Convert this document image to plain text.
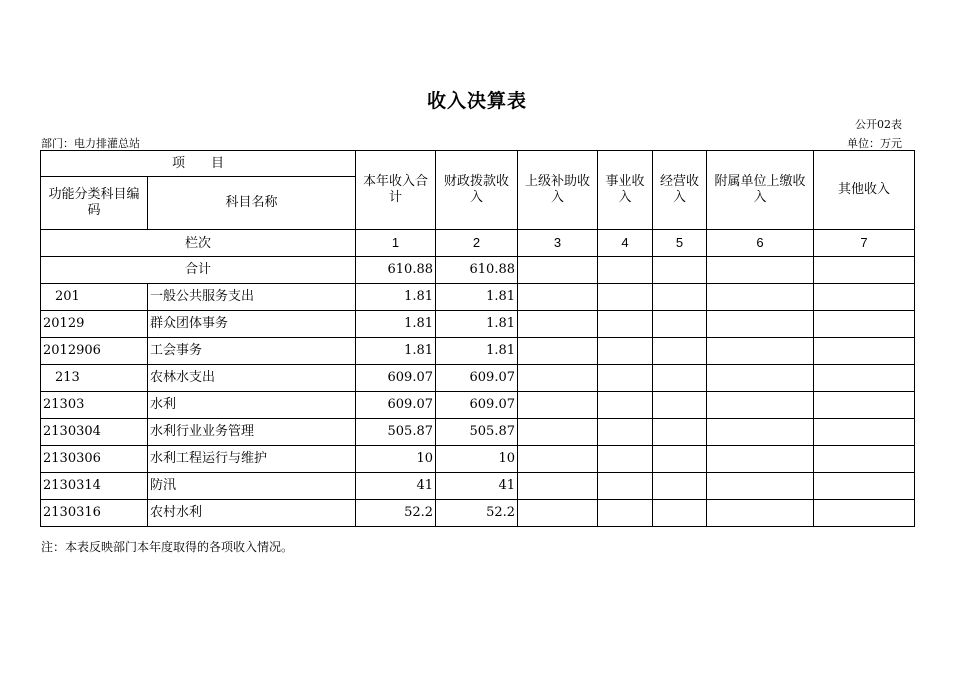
收入决算表
公开02表
部门：电力排灌总站	单位：万元
项　　目		本年收入合计	财政拨款收入	上级补助收入	事业收入	经营收入	附属单位上缴收入	其他收入
功能分类科目编码	科目名称							
栏次		1	2	3	4	5	6	7
合计		610.88	610.88					
201	一般公共服务支出	1.81	1.81					
20129	群众团体事务	1.81	1.81					
2012906	工会事务	1.81	1.81					
213	农林水支出	609.07	609.07					
21303	水利	609.07	609.07					
2130304	水利行业业务管理	505.87	505.87					
2130306	水利工程运行与维护	10	10					
2130314	防汛	41	41					
2130316	农村水利	52.2	52.2					
注：本表反映部门本年度取得的各项收入情况。
